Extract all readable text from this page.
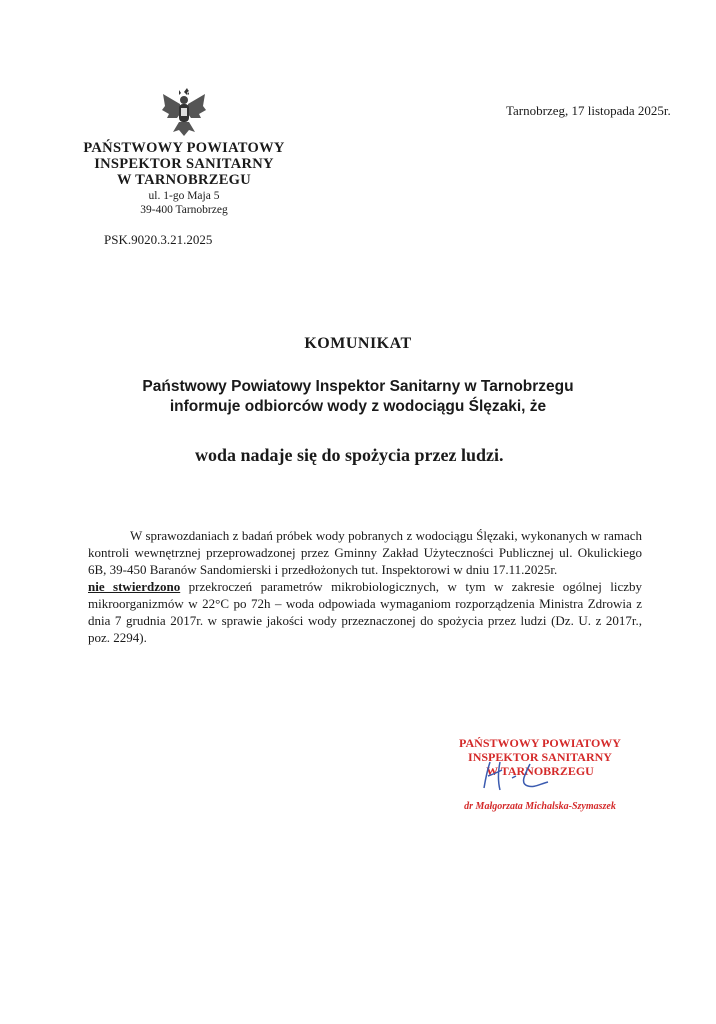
PAŃSTWOWY POWIATOWY
INSPEKTOR SANITARNY
W TARNOBRZEGU
ul. 1-go Maja 5
39-400 Tarnobrzeg
PSK.9020.3.21.2025
Tarnobrzeg, 17 listopada 2025r.
KOMUNIKAT
Państwowy Powiatowy Inspektor Sanitarny w Tarnobrzegu
informuje odbiorców wody z wodociągu Ślęzaki, że
woda nadaje się do spożycia przez ludzi.
W sprawozdaniach z badań próbek wody pobranych z wodociągu Ślęzaki, wykonanych w ramach kontroli wewnętrznej przeprowadzonej przez Gminny Zakład Użyteczności Publicznej ul. Okulickiego 6B, 39-450 Baranów Sandomierski i przedłożonych tut. Inspektorowi w dniu 17.11.2025r.
nie stwierdzono przekroczeń parametrów mikrobiologicznych, w tym w zakresie ogólnej liczby mikroorganizmów w 22°C po 72h – woda odpowiada wymaganiom rozporządzenia Ministra Zdrowia z dnia 7 grudnia 2017r. w sprawie jakości wody przeznaczonej do spożycia przez ludzi (Dz. U. z 2017r., poz. 2294).
PAŃSTWOWY POWIATOWY
INSPEKTOR SANITARNY
W TARNOBRZEGU
dr Małgorzata Michalska-Szymaszek
